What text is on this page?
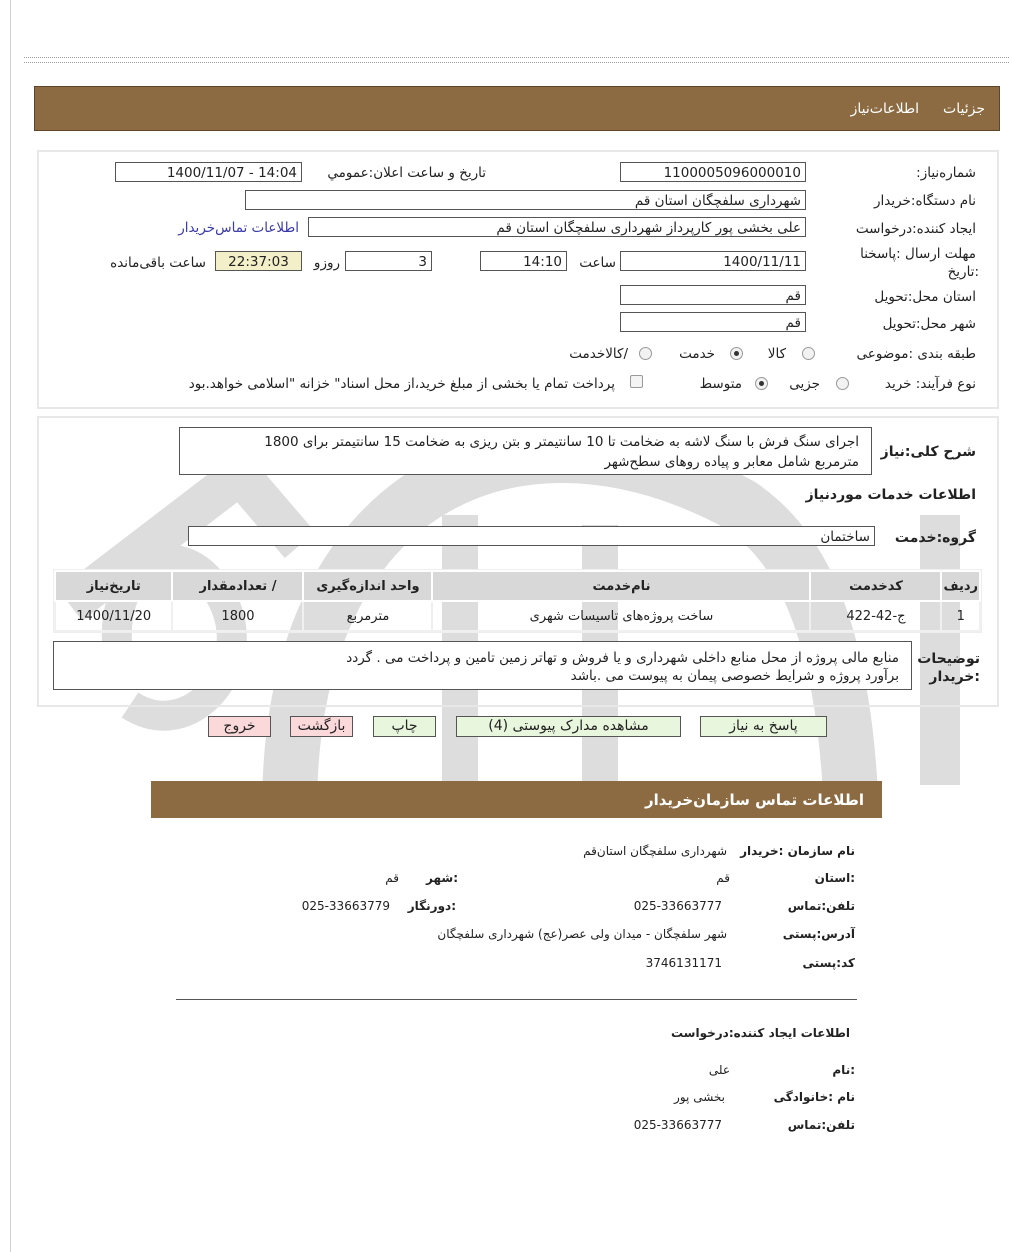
جزئیات
اطلاعات‌نیاز
شماره‌نیاز:
1100005096000010
تاریخ و ساعت اعلان:عمومي
1400/11/07 - 14:04
نام دستگاه:خریدار
شهرداری سلفچگان استان قم
ایجاد کننده:درخواست
علی بخشی پور کارپرداز شهرداری سلفچگان استان قم
اطلاعات تماس‌خریدار
مهلت ارسال :پاسخنا
:تاریخ
1400/11/11
ساعت
14:10
3
روزو
22:37:03
ساعت باقی‌مانده
استان محل:تحویل
قم
شهر محل:تحویل
قم
طبقه بندی :موضوعی
کالا
خدمت
/کالاخدمت
نوع فرآیند: خرید
جزیی
متوسط
پرداخت تمام یا بخشی از مبلغ خرید،از محل اسناد" خزانه "اسلامی خواهد.بود
شرح کلی:نیاز
اجرای سنگ فرش با سنگ لاشه به ضخامت تا 10 سانتیمتر و بتن ریزی به ضخامت 15 سانتیمتر برای 1800
مترمربع شامل معابر و پیاده روهای سطح‌شهر
اطلاعات خدمات موردنیاز
گروه:خدمت
ساختمان
ردیف	کدخدمت	نام‌خدمت	واحد اندازه‌گیری	/ تعدادمقدار	تاریخ‌نیاز
1	ج-42-422	ساخت پروژه‌های تاسیسات شهری	مترمربع	1800	1400/11/20
توضیحات
:خریدار
منابع مالی پروژه از محل منابع داخلی شهرداری و یا فروش و تهاتر زمین تامین و پرداخت می . گردد
برآورد پروژه و شرایط خصوصی پیمان به پیوست می .باشد
پاسخ به نیاز
مشاهده مدارک پیوستی (4)
چاپ
بازگشت
خروج
اطلاعات تماس سازمان‌خریدار
نام سازمان :خریدار
شهرداری سلفچگان استان‌قم
:استان
قم
:شهر
قم
تلفن:تماس
025-33663777
:دورنگار
025-33663779
آدرس:پستی
شهر سلفچگان - میدان ولی عصر(عج) شهرداری سلفچگان
کد:پستی
3746131171
اطلاعات ایجاد کننده:درخواست
:نام
علی
نام :خانوادگی
بخشی پور
تلفن:تماس
025-33663777
